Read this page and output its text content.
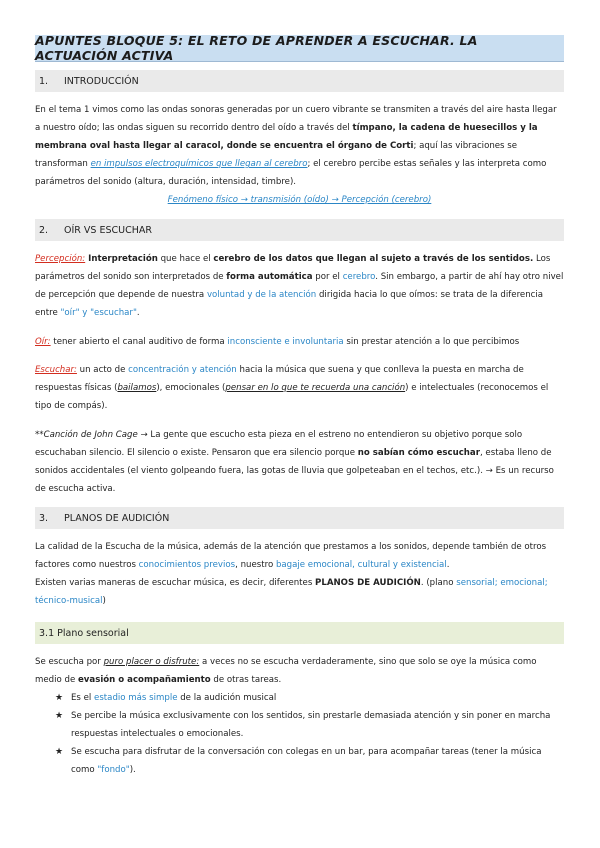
APUNTES BLOQUE 5: EL RETO DE APRENDER A ESCUCHAR. LA ACTUACIÓN ACTIVA
1.	INTRODUCCIÓN
En el tema 1 vimos como las ondas sonoras generadas por un cuero vibrante se transmiten a través del aire hasta llegar a nuestro oído; las ondas siguen su recorrido dentro del oído a través del tímpano, la cadena de huesecillos y la membrana oval hasta llegar al caracol, donde se encuentra el órgano de Corti; aquí las vibraciones se transforman en impulsos electroquímicos que llegan al cerebro; el cerebro percibe estas señales y las interpreta como parámetros del sonido (altura, duración, intensidad, timbre).
Fenómeno físico → transmisión (oído) → Percepción (cerebro)
2.	OÍR VS ESCUCHAR
Percepción: Interpretación que hace el cerebro de los datos que llegan al sujeto a través de los sentidos. Los parámetros del sonido son interpretados de forma automática por el cerebro. Sin embargo, a partir de ahí hay otro nivel de percepción que depende de nuestra voluntad y de la atención dirigida hacia lo que oímos: se trata de la diferencia entre "oír" y "escuchar".
Oír: tener abierto el canal auditivo de forma inconsciente e involuntaria sin prestar atención a lo que percibimos
Escuchar: un acto de concentración y atención hacia la música que suena y que conlleva la puesta en marcha de respuestas físicas (bailamos), emocionales (pensar en lo que te recuerda una canción) e intelectuales (reconocemos el tipo de compás).
**Canción de John Cage → La gente que escucho esta pieza en el estreno no entendieron su objetivo porque solo escuchaban silencio. El silencio o existe. Pensaron que era silencio porque no sabían cómo escuchar, estaba lleno de sonidos accidentales (el viento golpeando fuera, las gotas de lluvia que golpeteaban en el techos, etc.). → Es un recurso de escucha activa.
3.	PLANOS DE AUDICIÓN
La calidad de la Escucha de la música, además de la atención que prestamos a los sonidos, depende también de otros factores como nuestros conocimientos previos, nuestro bagaje emocional, cultural y existencial.
Existen varias maneras de escuchar música, es decir, diferentes PLANOS DE AUDICIÓN. (plano sensorial; emocional; técnico-musical)
3.1 Plano sensorial
Se escucha por puro placer o disfrute: a veces no se escucha verdaderamente, sino que solo se oye la música como medio de evasión o acompañamiento de otras tareas.
★ Es el estadio más simple de la audición musical
★ Se percibe la música exclusivamente con los sentidos, sin prestarle demasiada atención y sin poner en marcha respuestas intelectuales o emocionales.
★ Se escucha para disfrutar de la conversación con colegas en un bar, para acompañar tareas (tener la música como "fondo").
